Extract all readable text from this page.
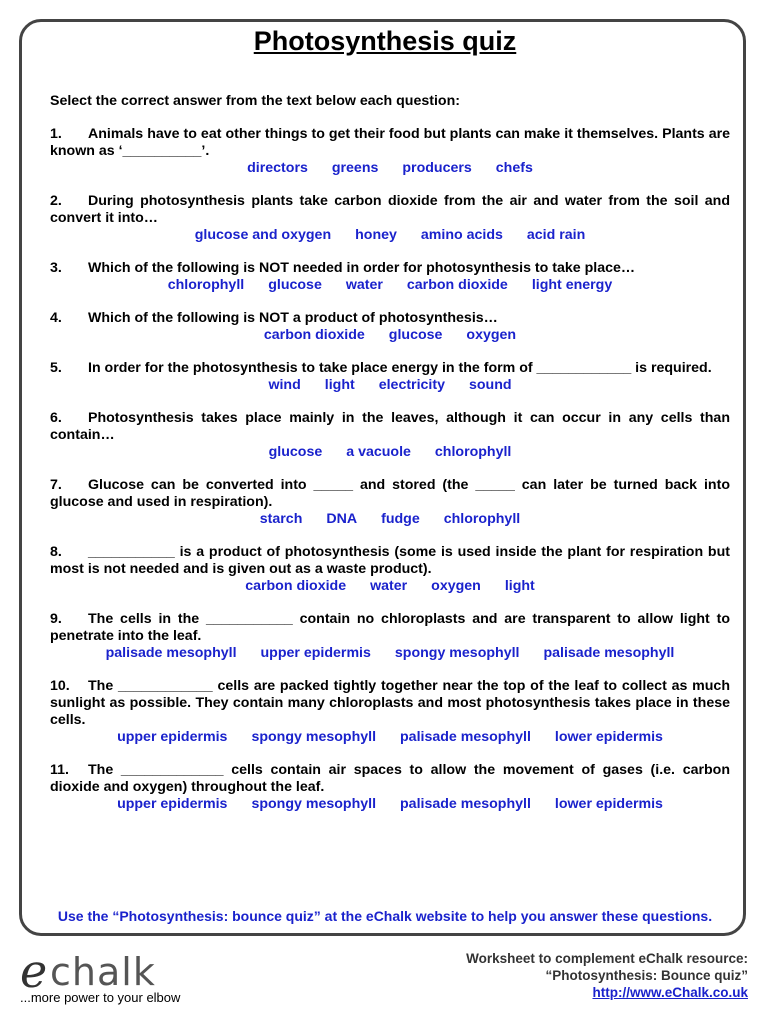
Photosynthesis quiz
Select the correct answer from the text below each question:
1. Animals have to eat other things to get their food but plants can make it themselves. Plants are known as ‘__________’.
directors greens producers chefs
2. During photosynthesis plants take carbon dioxide from the air and water from the soil and convert it into…
glucose and oxygen honey amino acids acid rain
3. Which of the following is NOT needed in order for photosynthesis to take place…
chlorophyll glucose water carbon dioxide light energy
4. Which of the following is NOT a product of photosynthesis…
carbon dioxide glucose oxygen
5. In order for the photosynthesis to take place energy in the form of ____________ is required.
wind light electricity sound
6. Photosynthesis takes place mainly in the leaves, although it can occur in any cells than contain…
glucose a vacuole chlorophyll
7. Glucose can be converted into _____ and stored (the _____ can later be turned back into glucose and used in respiration).
starch DNA fudge chlorophyll
8. ___________ is a product of photosynthesis (some is used inside the plant for respiration but most is not needed and is given out as a waste product).
carbon dioxide water oxygen light
9. The cells in the ___________ contain no chloroplasts and are transparent to allow light to penetrate into the leaf.
palisade mesophyll upper epidermis spongy mesophyll palisade mesophyll
10. The ____________ cells are packed tightly together near the top of the leaf to collect as much sunlight as possible. They contain many chloroplasts and most photosynthesis takes place in these cells.
upper epidermis spongy mesophyll palisade mesophyll lower epidermis
11. The _____________ cells contain air spaces to allow the movement of gases (i.e. carbon dioxide and oxygen) throughout the leaf.
upper epidermis spongy mesophyll palisade mesophyll lower epidermis
Use the “Photosynthesis: bounce quiz” at the eChalk website to help you answer these questions.
e chalk
...more power to your elbow
Worksheet to complement eChalk resource:
“Photosynthesis: Bounce quiz”
http://www.eChalk.co.uk
